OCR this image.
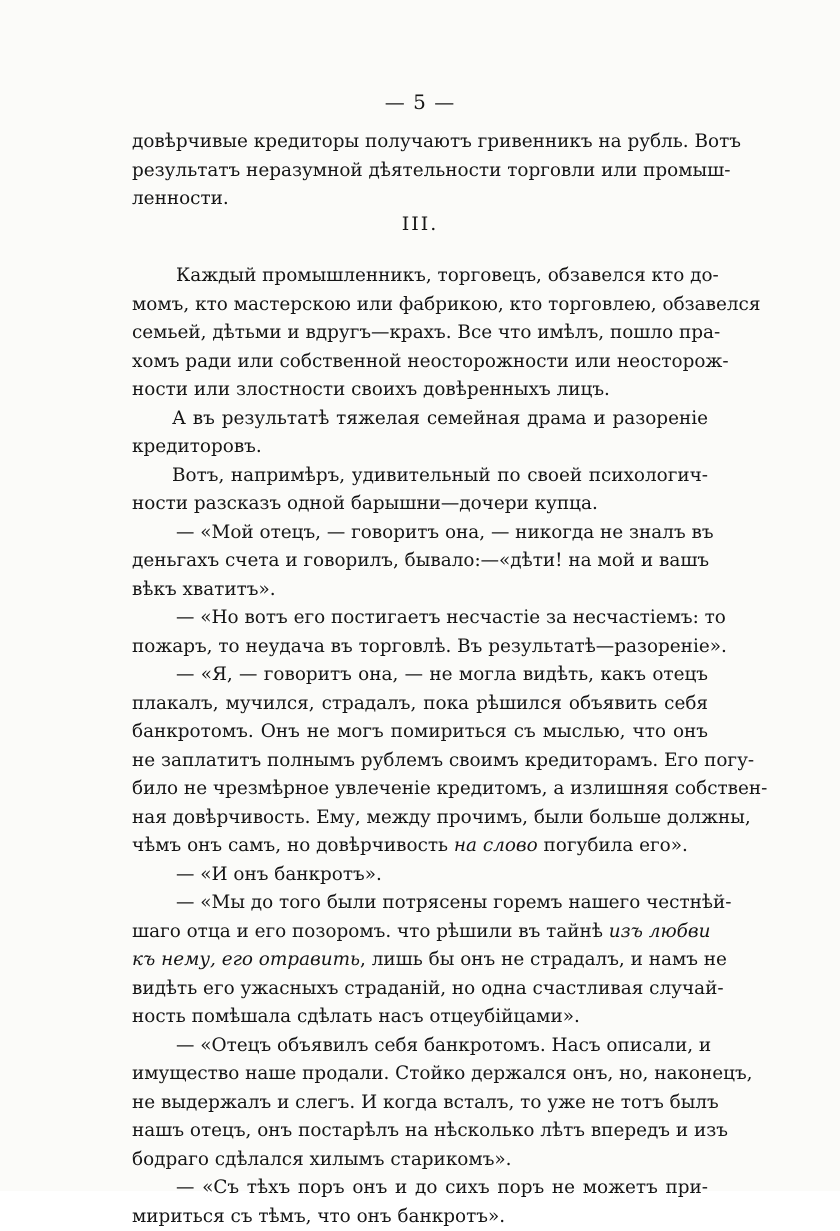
— 5 —
довѣрчивые кредиторы получаютъ гривенникъ на рубль. Вотъ
результатъ неразумной дѣятельности торговли или промыш-
ленности.
III.
Каждый промышленникъ, торговецъ, обзавелся кто до-
момъ, кто мастерскою или фабрикою, кто торговлею, обзавелся
семьей, дѣтьми и вдругъ—крахъ. Все что имѣлъ, пошло пра-
хомъ ради или собственной неосторожности или неосторож-
ности или злостности своихъ довѣренныхъ лицъ.
А въ результатѣ тяжелая семейная драма и разореніе
кредиторовъ.
Вотъ, напримѣръ, удивительный по своей психологич-
ности разсказъ одной барышни—дочери купца.
— «Мой отецъ, — говоритъ она, — никогда не зналъ въ
деньгахъ счета и говорилъ, бывало:—«дѣти! на мой и вашъ
вѣкъ хватитъ».
— «Но вотъ его постигаетъ несчастіе за несчастіемъ: то
пожаръ, то неудача въ торговлѣ. Въ результатѣ—разореніе».
— «Я, — говоритъ она, — не могла видѣть, какъ отецъ
плакалъ, мучился, страдалъ, пока рѣшился объявить себя
банкротомъ. Онъ не могъ помириться съ мыслью, что онъ
не заплатитъ полнымъ рублемъ своимъ кредиторамъ. Его погу-
било не чрезмѣрное увлеченіе кредитомъ, а излишняя собствен-
ная довѣрчивость. Ему, между прочимъ, были больше должны,
чѣмъ онъ самъ, но довѣрчивость на слово погубила его».
— «И онъ банкротъ».
— «Мы до того были потрясены горемъ нашего честнѣй-
шаго отца и его позоромъ. что рѣшили въ тайнѣ изъ любви
къ нему, его отравить, лишь бы онъ не страдалъ, и намъ не
видѣть его ужасныхъ страданій, но одна счастливая случай-
ность помѣшала сдѣлать насъ отцеубійцами».
— «Отецъ объявилъ себя банкротомъ. Насъ описали, и
имущество наше продали. Стойко держался онъ, но, наконецъ,
не выдержалъ и слегъ. И когда всталъ, то уже не тотъ былъ
нашъ отецъ, онъ постарѣлъ на нѣсколько лѣтъ впередъ и изъ
бодраго сдѣлался хилымъ старикомъ».
— «Съ тѣхъ поръ онъ и до сихъ поръ не можетъ при-
мириться съ тѣмъ, что онъ банкротъ».
